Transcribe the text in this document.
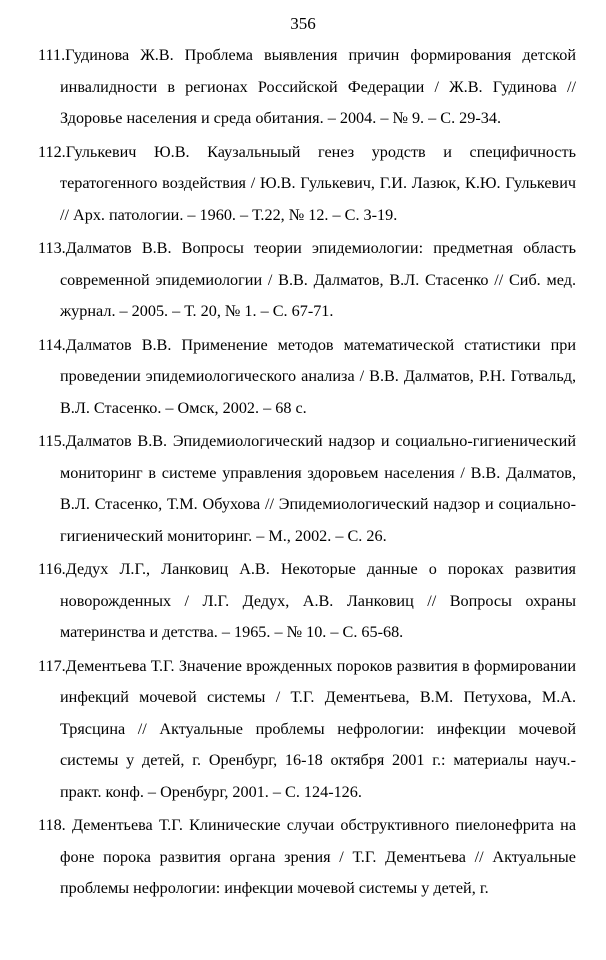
356
111.Гудинова Ж.В. Проблема выявления причин формирования детской инвалидности в регионах Российской Федерации / Ж.В. Гудинова // Здоровье населения и среда обитания. – 2004. – № 9. – С. 29-34.
112.Гулькевич Ю.В. Каузальныый генез уродств и специфичность тератогенного воздействия / Ю.В. Гулькевич, Г.И. Лазюк, К.Ю. Гулькевич // Арх. патологии. – 1960. – Т.22, № 12. – С. 3-19.
113.Далматов В.В. Вопросы теории эпидемиологии: предметная область современной эпидемиологии / В.В. Далматов, В.Л. Стасенко // Сиб. мед. журнал. – 2005. – Т. 20, № 1. – С. 67-71.
114.Далматов В.В. Применение методов математической статистики при проведении эпидемиологического анализа / В.В. Далматов, Р.Н. Готвальд, В.Л. Стасенко. – Омск, 2002. – 68 с.
115.Далматов В.В. Эпидемиологический надзор и социально-гигиенический мониторинг в системе управления здоровьем населения / В.В. Далматов, В.Л. Стасенко, Т.М. Обухова // Эпидемиологический надзор и социально-гигиенический мониторинг. – М., 2002. – С. 26.
116.Дедух Л.Г., Ланковиц А.В. Некоторые данные о пороках развития новорожденных / Л.Г. Дедух, А.В. Ланковиц // Вопросы охраны материнства и детства. – 1965. – № 10. – С. 65-68.
117.Дементьева Т.Г. Значение врожденных пороков развития в формировании инфекций мочевой системы / Т.Г. Дементьева, В.М. Петухова, М.А. Трясцина // Актуальные проблемы нефрологии: инфекции мочевой системы у детей, г. Оренбург, 16-18 октября 2001 г.: материалы науч.-практ. конф. – Оренбург, 2001. – С. 124-126.
118. Дементьева Т.Г. Клинические случаи обструктивного пиелонефрита на фоне порока развития органа зрения / Т.Г. Дементьева // Актуальные проблемы нефрологии: инфекции мочевой системы у детей, г.
